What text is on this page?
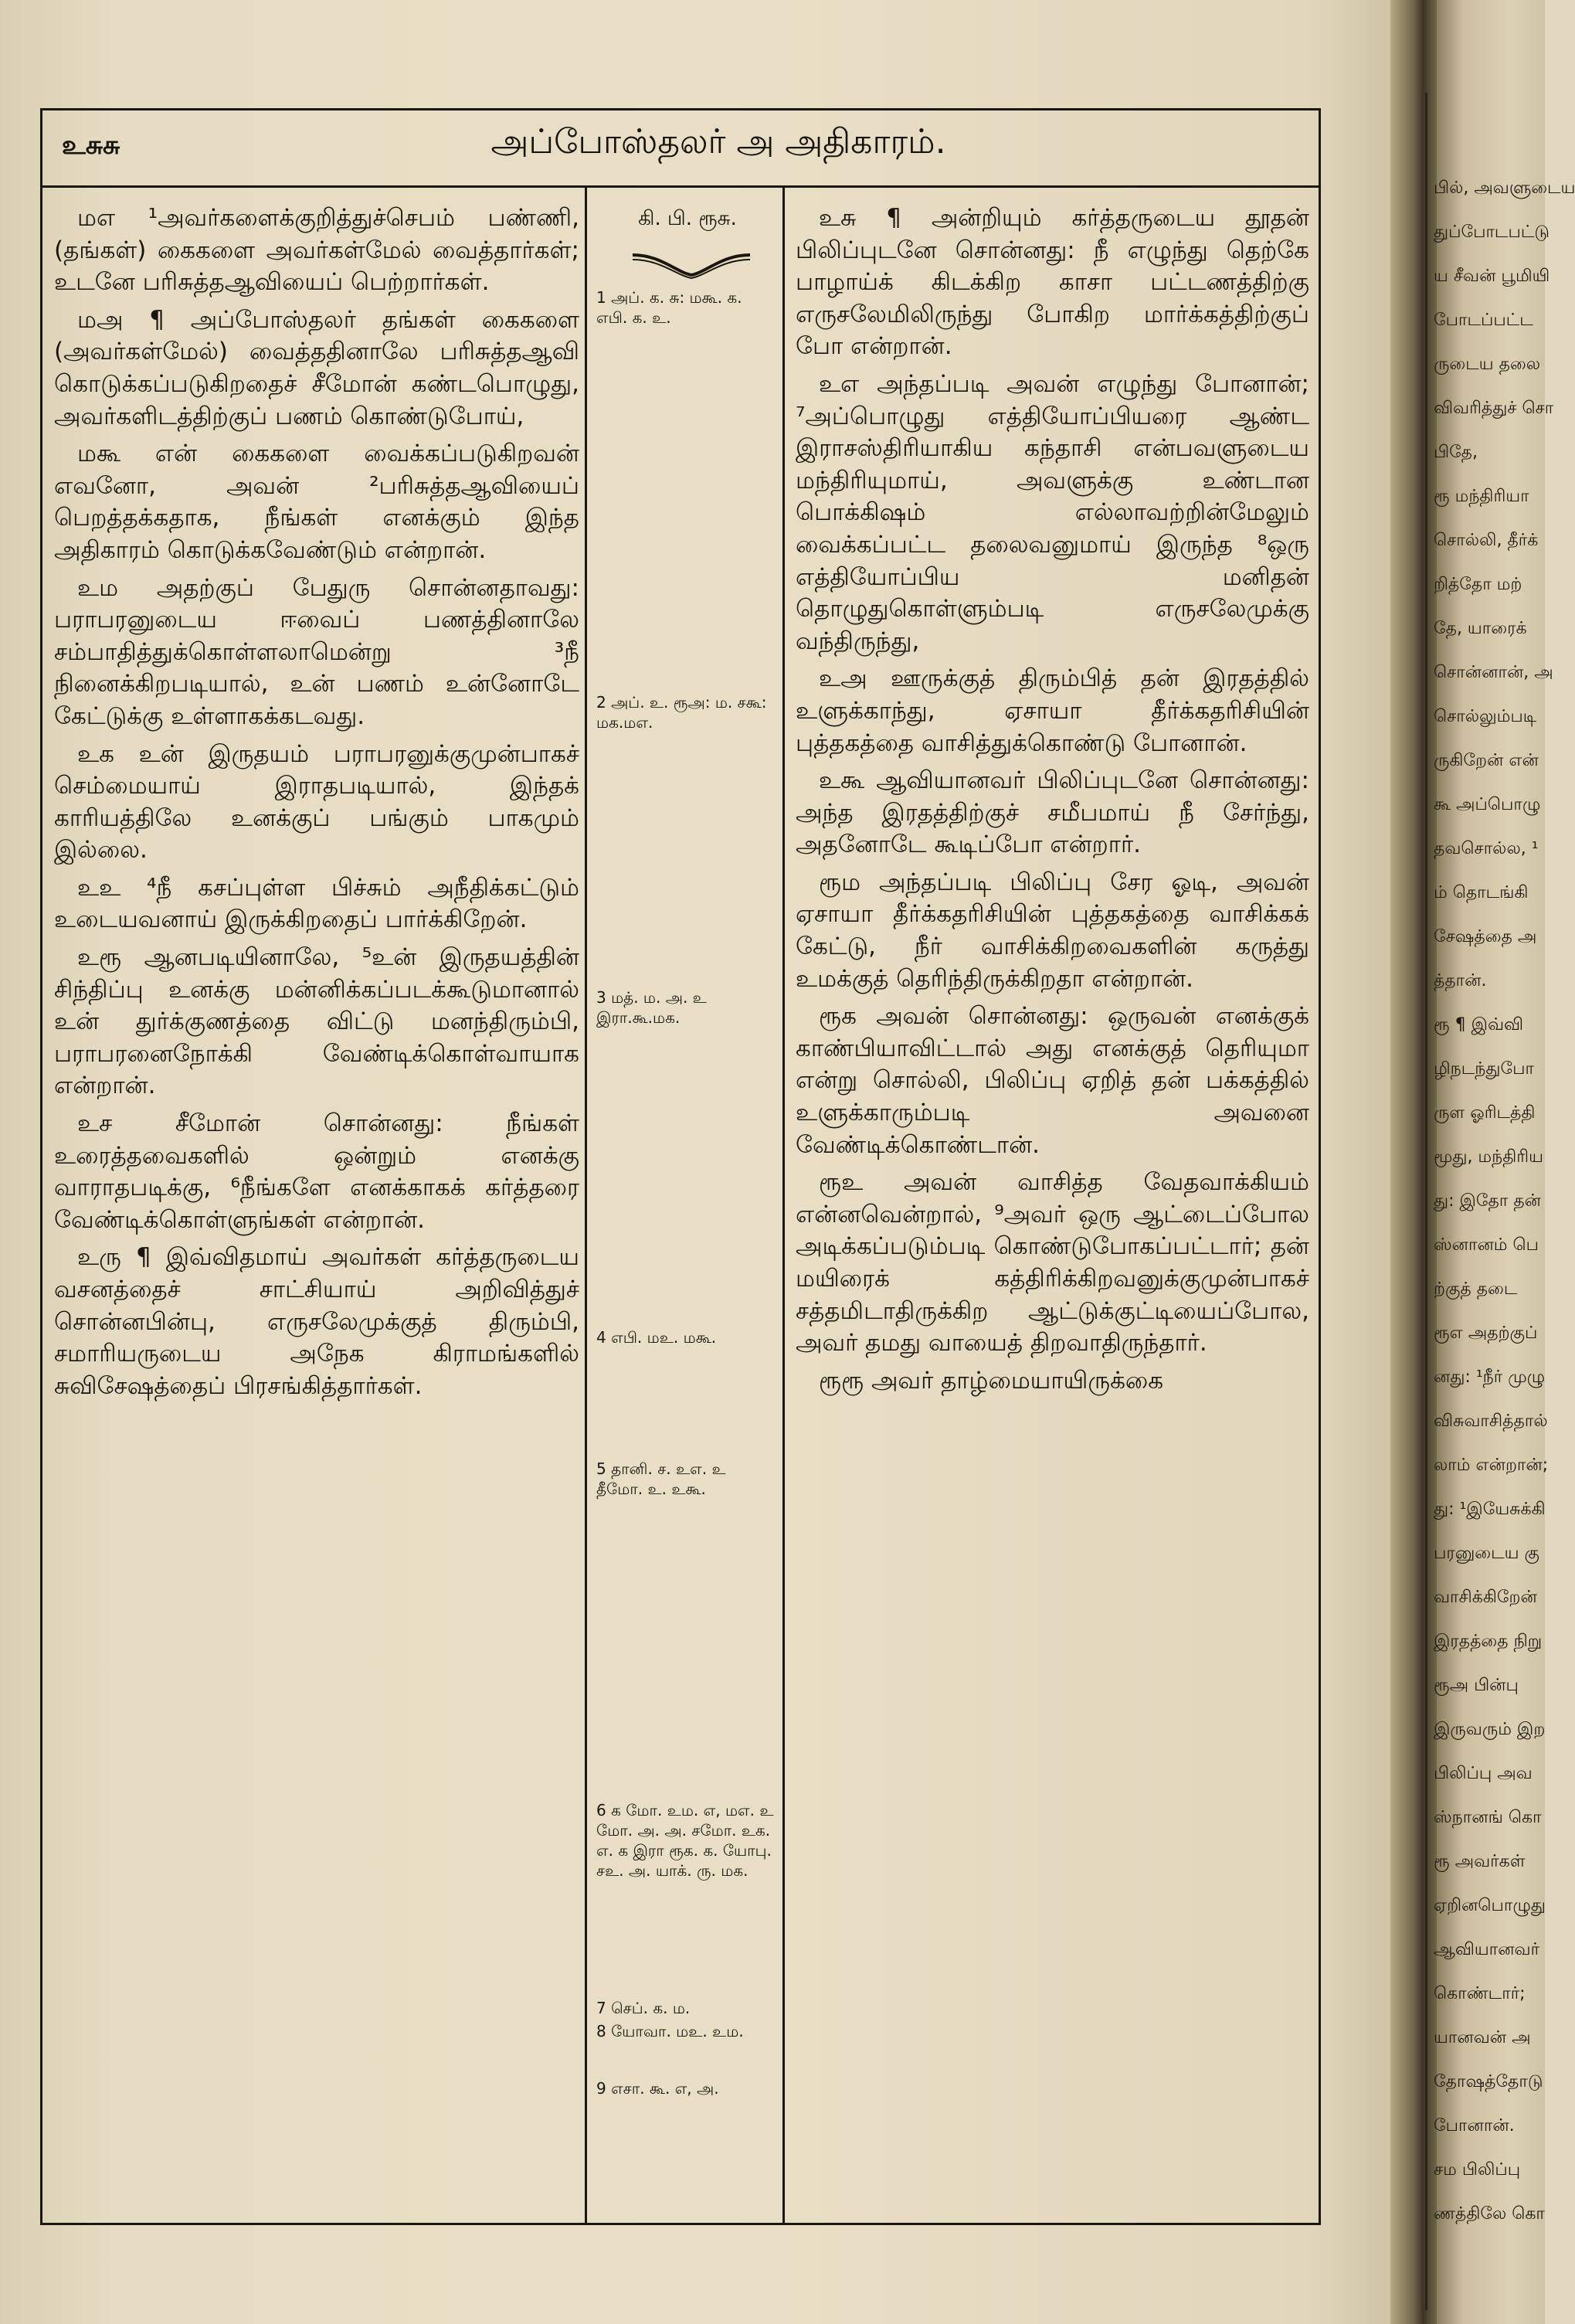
பில், அவளுடைய
துப்போடபட்டு
ய சீவன் பூமியி
போடப்பட்ட
ருடைய தலை
விவரித்துச் சொ
பிதே,
ரூ மந்திரியா
சொல்லி, தீர்க்
றித்தோ மற்
தே, யாரைக்
சொன்னான், அ
சொல்லும்படி
ருகிறேன் என்
கூ அப்பொழு
தவசொல்ல, ¹
ம் தொடங்கி
சேஷத்தை அ
த்தான்.
ரூ ¶ இவ்வி
ழிநடந்துபோ
ருள ஓரிடத்தி
மூது, மந்திரிய
து: இதோ தன்
ஸ்னானம் பெ
ற்குத் தடை
ரூஎ அதற்குப்
னது: ¹நீர் முழு
விசுவாசித்தால்
லாம் என்றான்;
து: ¹இயேசுக்கி
பரனுடைய கு
வாசிக்கிறேன்
இரதத்தை நிறு
ரூஅ பின்பு
இருவரும் இற
பிலிப்பு அவ
ஸ்நானங் கொ
ரூ அவர்கள்
ஏறினபொழுது
ஆவியானவர்
கொண்டார்;
யானவன் அ
தோஷத்தோடு
போனான்.
சம பிலிப்பு
ணத்திலே கொ
உசுசு	அப்போஸ்தலர் அ அதிகாரம்.
கி. பி. ரூசு.
1 அப். க. சு: மகூ. க. எபி. க. உ.
2 அப். உ. ரூஅ: ம. சகூ: மக.மஎ.
3 மத். ம. அ. உ இரா.கூ.மக.
4 எபி. மஉ. மகூ.
5 தானி. ச. உஎ. உ தீமோ. உ. உகூ.
6 க மோ. உம. எ, மஎ. உ மோ. அ. அ. சமோ. உக. எ. க இரா ரூக. க. யோபு. சஉ. அ. யாக். ரு. மக.
7 செப். க. ம.
8 யோவா. மஉ. உம.
9 எசா. கூ. எ, அ.

மஎ ¹அவர்களைக்குறித்துச்செபம் பண்ணி, (தங்கள்) கைகளை அவர்கள்மேல் வைத்தார்கள்; உடனே பரிசுத்தஆவியைப் பெற்றார்கள்.

மஅ ¶ அப்போஸ்தலர் தங்கள் கைகளை (அவர்கள்மேல்) வைத்ததினாலே பரிசுத்தஆவி கொடுக்கப்படுகிறதைச் சீமோன் கண்டபொழுது, அவர்களிடத்திற்குப் பணம் கொண்டுபோய்,

மகூ என் கைகளை வைக்கப்படுகிறவன் எவனோ, அவன் ²பரிசுத்தஆவியைப் பெறத்தக்கதாக, நீங்கள் எனக்கும் இந்த அதிகாரம் கொடுக்கவேண்டும் என்றான்.

உம அதற்குப் பேதுரு சொன்னதாவது: பராபரனுடைய ஈவைப் பணத்தினாலே சம்பாதித்துக்கொள்ளலாமென்று ³நீ நினைக்கிறபடியால், உன் பணம் உன்னோடே கேட்டுக்கு உள்ளாகக்கடவது.

உக உன் இருதயம் பராபரனுக்குமுன்பாகச் செம்மையாய் இராதபடியால், இந்தக் காரியத்திலே உனக்குப் பங்கும் பாகமும் இல்லை.

உஉ ⁴நீ கசப்புள்ள பிச்சும் அநீதிக்கட்டும் உடையவனாய் இருக்கிறதைப் பார்க்கிறேன்.

உரூ ஆனபடியினாலே, ⁵உன் இருதயத்தின் சிந்திப்பு உனக்கு மன்னிக்கப்படக்கூடுமானால் உன் துர்க்குணத்தை விட்டு மனந்திரும்பி, பராபரனைநோக்கி வேண்டிக்கொள்வாயாக என்றான்.

உச சீமோன் சொன்னது: நீங்கள் உரைத்தவைகளில் ஒன்றும் எனக்கு வாராதபடிக்கு, ⁶நீங்களே எனக்காகக் கர்த்தரை வேண்டிக்கொள்ளுங்கள் என்றான்.

உரு ¶ இவ்விதமாய் அவர்கள் கர்த்தருடைய வசனத்தைச் சாட்சியாய் அறிவித்துச் சொன்னபின்பு, எருசலேமுக்குத் திரும்பி, சமாரியருடைய அநேக கிராமங்களில் சுவிசேஷத்தைப் பிரசங்கித்தார்கள்.

உசு ¶ அன்றியும் கர்த்தருடைய தூதன் பிலிப்புடனே சொன்னது: நீ எழுந்து தெற்கே பாழாய்க் கிடக்கிற காசா பட்டணத்திற்கு எருசலேமிலிருந்து போகிற மார்க்கத்திற்குப் போ என்றான்.

உஎ அந்தப்படி அவன் எழுந்து போனான்; ⁷அப்பொழுது எத்தியோப்பியரை ஆண்ட இராசஸ்திரியாகிய கந்தாசி என்பவளுடைய மந்திரியுமாய், அவளுக்கு உண்டான பொக்கிஷம் எல்லாவற்றின்மேலும் வைக்கப்பட்ட தலைவனுமாய் இருந்த ⁸ஒரு எத்தியோப்பிய மனிதன் தொழுதுகொள்ளும்படி எருசலேமுக்கு வந்திருந்து,

உஅ ஊருக்குத் திரும்பித் தன் இரதத்தில் உளுக்காந்து, ஏசாயா தீர்க்கதரிசியின் புத்தகத்தை வாசித்துக்கொண்டு போனான்.

உகூ ஆவியானவர் பிலிப்புடனே சொன்னது: அந்த இரதத்திற்குச் சமீபமாய் நீ சேர்ந்து, அதனோடே கூடிப்போ என்றார்.

ரூம அந்தப்படி பிலிப்பு சேர ஓடி, அவன் ஏசாயா தீர்க்கதரிசியின் புத்தகத்தை வாசிக்கக் கேட்டு, நீர் வாசிக்கிறவைகளின் கருத்து உமக்குத் தெரிந்திருக்கிறதா என்றான்.

ரூக அவன் சொன்னது: ஒருவன் எனக்குக் காண்பியாவிட்டால் அது எனக்குத் தெரியுமா என்று சொல்லி, பிலிப்பு ஏறித் தன் பக்கத்தில் உளுக்காரும்படி அவனை வேண்டிக்கொண்டான்.

ரூஉ அவன் வாசித்த வேதவாக்கியம் என்னவென்றால், ⁹அவர் ஒரு ஆட்டைப்போல அடிக்கப்படும்படி கொண்டுபோகப்பட்டார்; தன் மயிரைக் கத்திரிக்கிறவனுக்குமுன்பாகச் சத்தமிடாதிருக்கிற ஆட்டுக்குட்டியைப்போல, அவர் தமது வாயைத் திறவாதிருந்தார்.

ரூரூ அவர் தாழ்மையாயிருக்கை
